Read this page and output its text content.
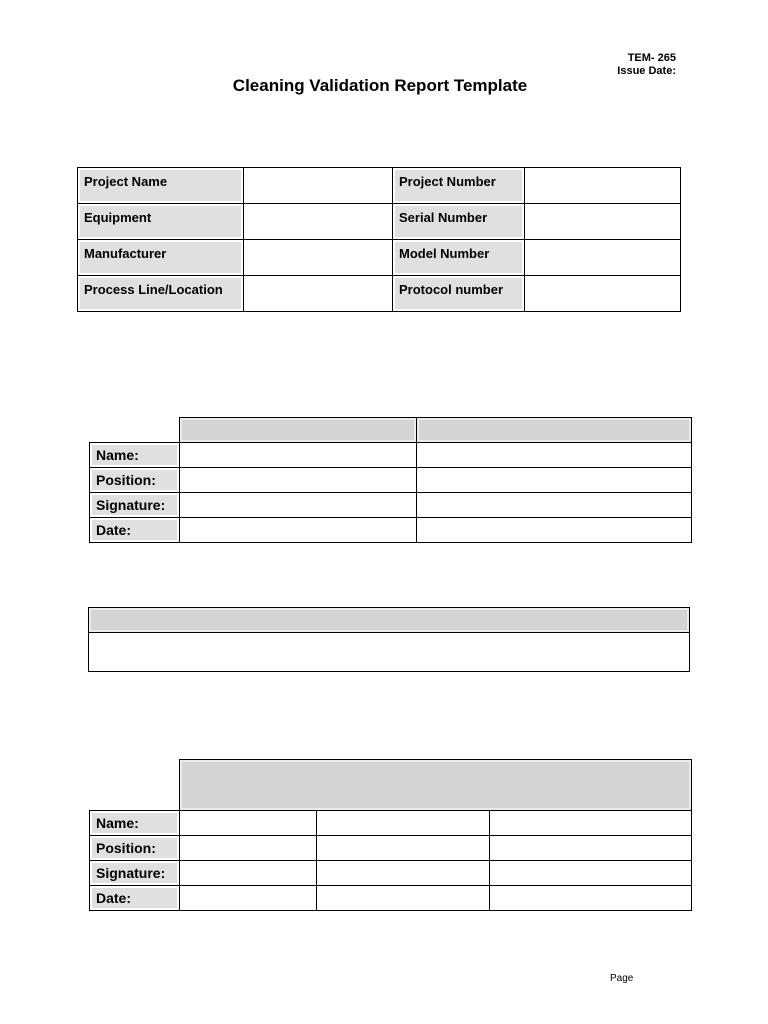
TEM- 265
Issue Date:
Cleaning Validation Report Template
Project Name		Project Number	
Equipment		Serial Number	
Manufacturer		Model Number	
Process Line/Location		Protocol number	

Name:		
Position:		
Signature:		
Date:		

Name:			
Position:			
Signature:			
Date:			
Page
